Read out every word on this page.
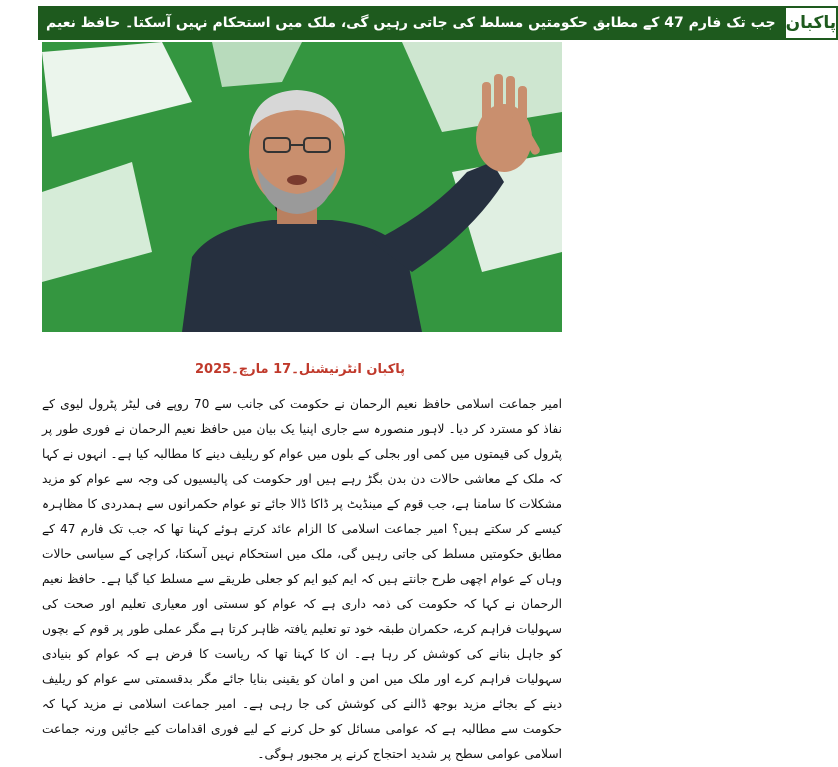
جب تک فارم 47 کے مطابق حکومتیں مسلط کی جاتی رہیں گی، ملک میں استحکام نہیں آسکتا۔ حافظ نعیم پاکبان
پاکبان انٹرنیشنل۔17 مارچ۔2025
امیر جماعت اسلامی حافظ نعیم الرحمان نے حکومت کی جانب سے 70 روپے فی لیٹر پٹرول لیوی کے نفاذ کو مسترد کر دیا۔ لاہور منصورہ سے جاری اپنیا یک بیان میں حافظ نعیم الرحمان نے فوری طور پر پٹرول کی قیمتوں میں کمی اور بجلی کے بلوں میں عوام کو ریلیف دینے کا مطالبہ کیا ہے۔ انہوں نے کہا کہ ملک کے معاشی حالات دن بدن بگڑ رہے ہیں اور حکومت کی پالیسیوں کی وجہ سے عوام کو مزید مشکلات کا سامنا ہے، جب قوم کے مینڈیٹ پر ڈاکا ڈالا جائے تو عوام حکمرانوں سے ہمدردی کا مظاہرہ کیسے کر سکتے ہیں؟ امیر جماعت اسلامی کا الزام عائد کرتے ہوئے کہنا تھا کہ جب تک فارم 47 کے مطابق حکومتیں مسلط کی جاتی رہیں گی، ملک میں استحکام نہیں آسکتا، کراچی کے سیاسی حالات وہاں کے عوام اچھی طرح جانتے ہیں کہ ایم کیو ایم کو جعلی طریقے سے مسلط کیا گیا ہے۔ حافظ نعیم الرحمان نے کہا کہ حکومت کی ذمہ داری ہے کہ عوام کو سستی اور معیاری تعلیم اور صحت کی سہولیات فراہم کرے، حکمران طبقہ خود تو تعلیم یافتہ ظاہر کرتا ہے مگر عملی طور پر قوم کے بچوں کو جاہل بنانے کی کوشش کر رہا ہے۔ ان کا کہنا تھا کہ ریاست کا فرض ہے کہ عوام کو بنیادی سہولیات فراہم کرے اور ملک میں امن و امان کو یقینی بنایا جائے مگر بدقسمتی سے عوام کو ریلیف دینے کے بجائے مزید بوجھ ڈالنے کی کوشش کی جا رہی ہے۔ امیر جماعت اسلامی نے مزید کہا کہ حکومت سے مطالبہ ہے کہ عوامی مسائل کو حل کرنے کے لیے فوری اقدامات کیے جائیں ورنہ جماعت اسلامی عوامی سطح پر شدید احتجاج کرنے پر مجبور ہوگی۔
